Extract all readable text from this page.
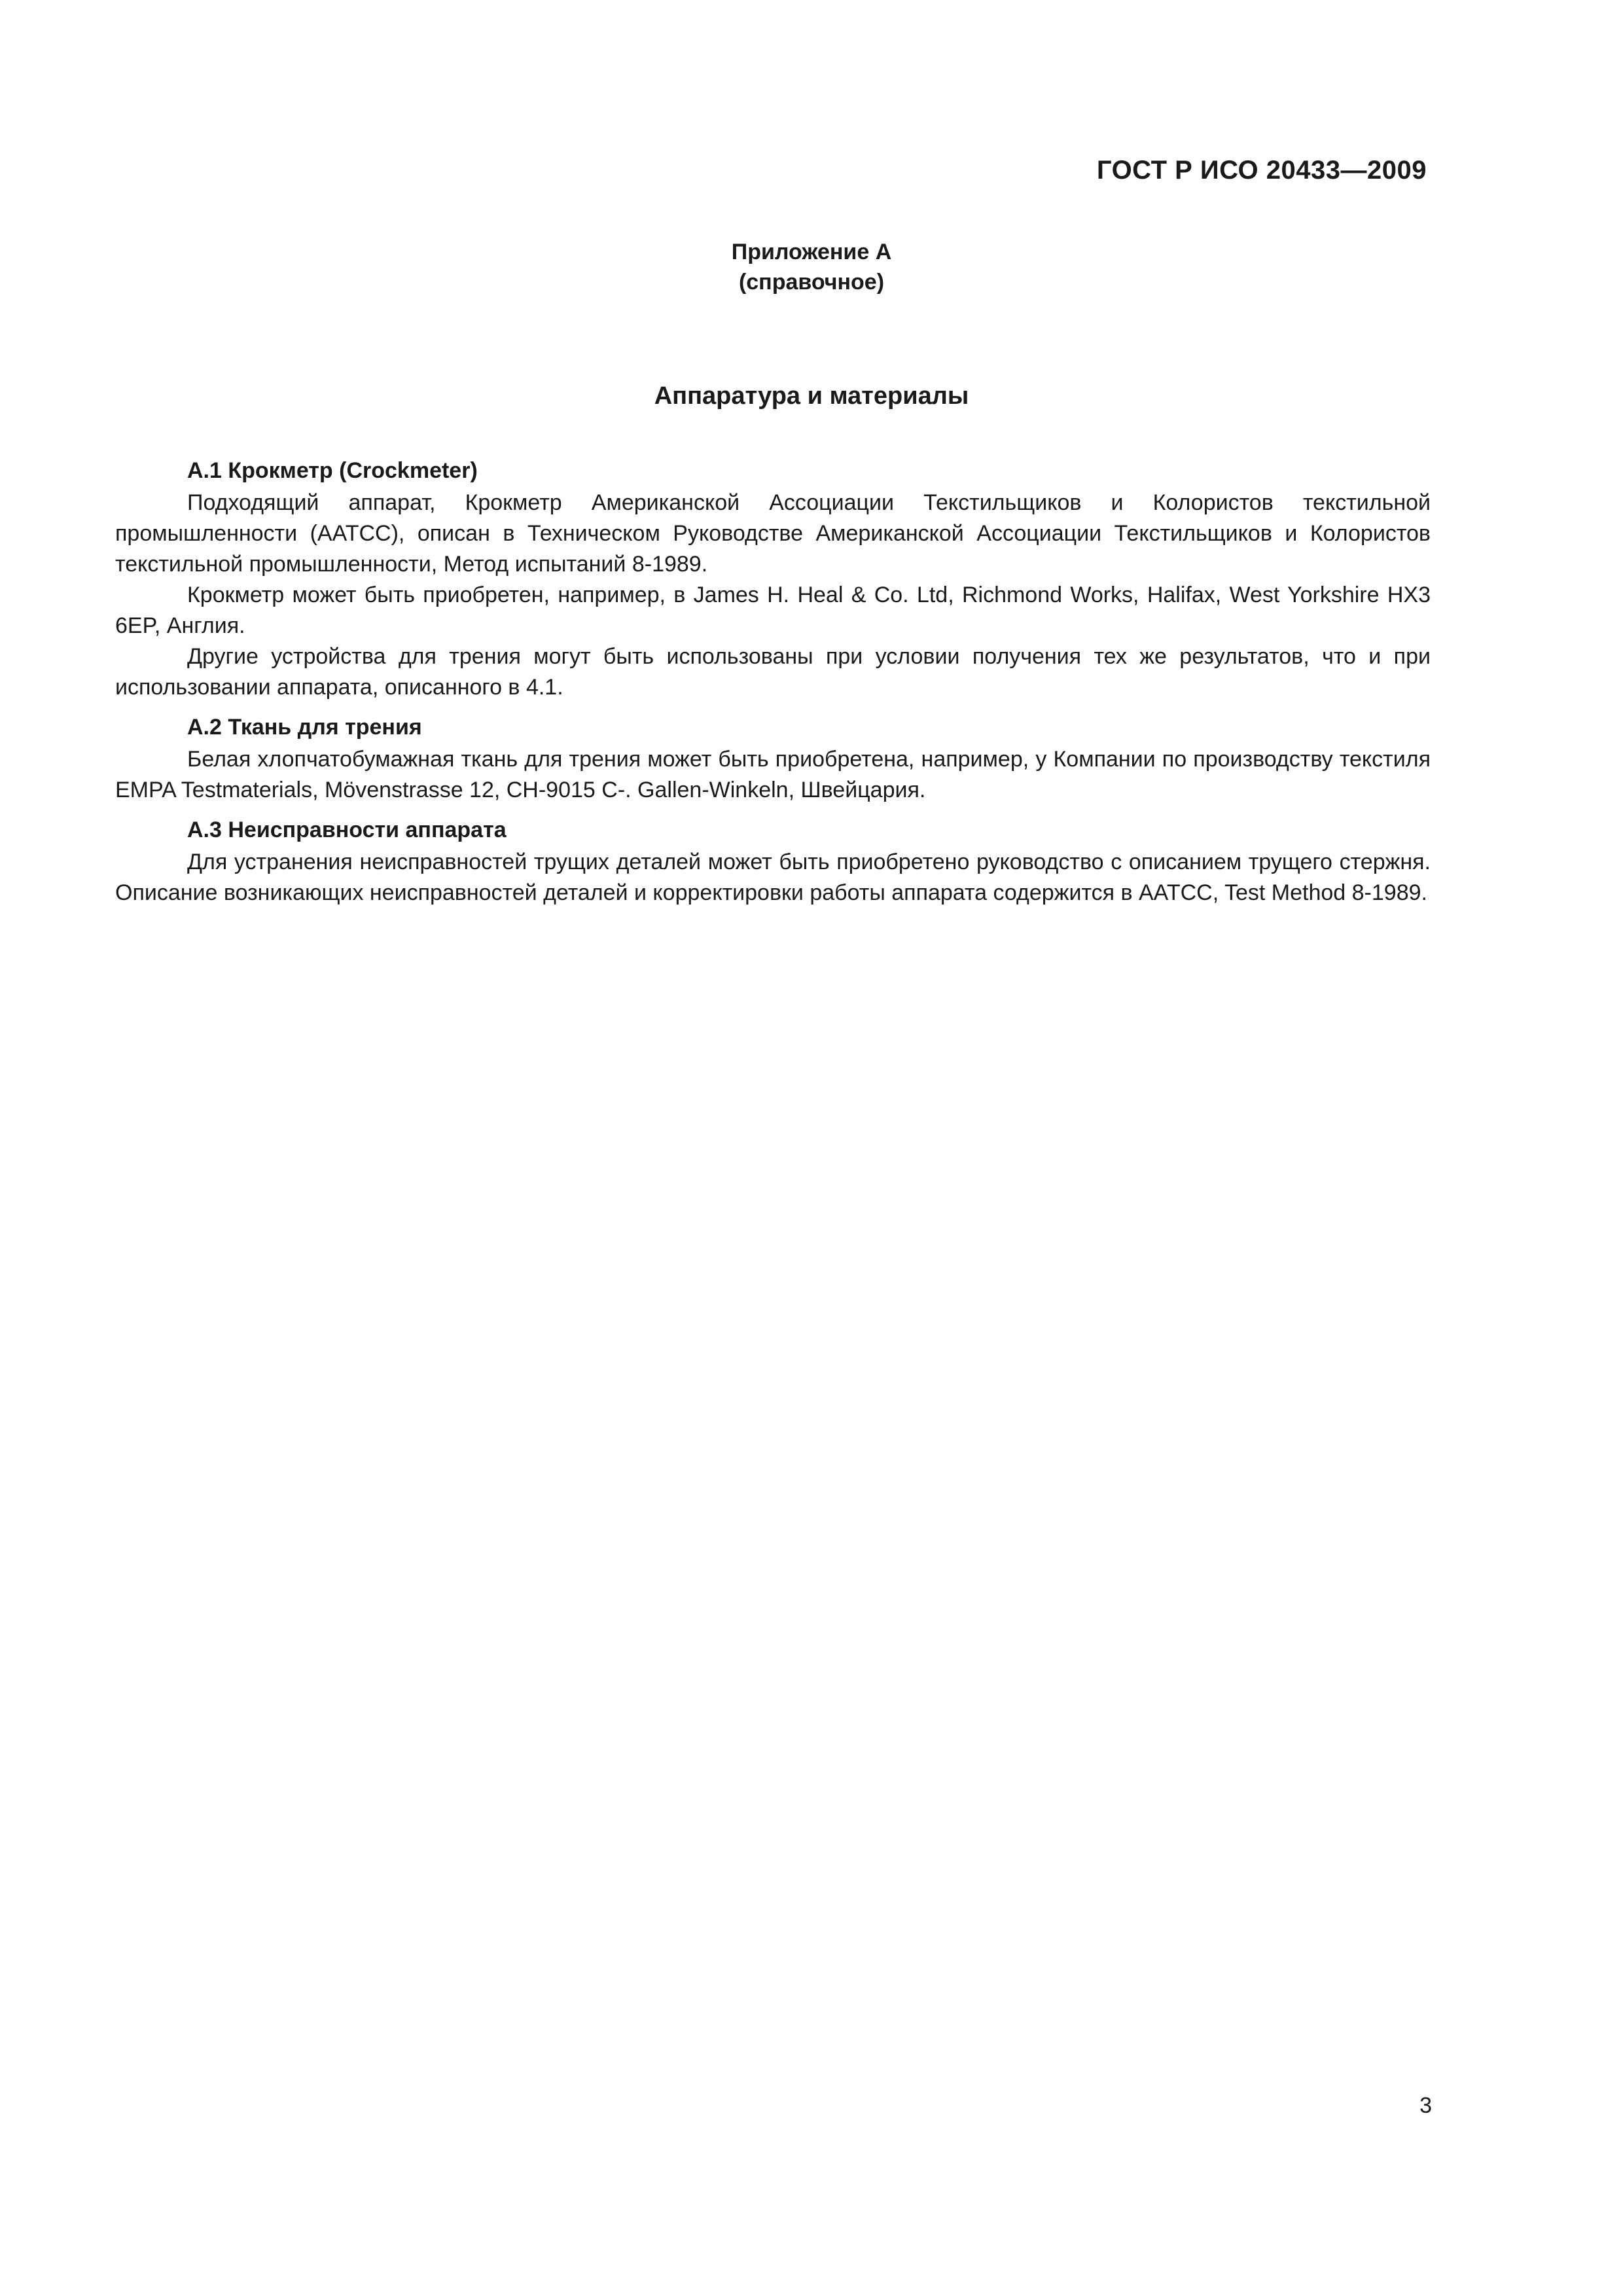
ГОСТ Р ИСО 20433—2009
Приложение А
(справочное)
Аппаратура и материалы

А.1 Крокметр (Crockmeter)

Подходящий аппарат, Крокметр Американской Ассоциации Текстильщиков и Колористов текстильной промышленности (AATCC), описан в Техническом Руководстве Американской Ассоциации Текстильщиков и Колористов текстильной промышленности, Метод испытаний 8-1989.

Крокметр может быть приобретен, например, в James H. Heal & Co. Ltd, Richmond Works, Halifax, West Yorkshire HX3 6EP, Англия.

Другие устройства для трения могут быть использованы при условии получения тех же результатов, что и при использовании аппарата, описанного в 4.1.

А.2 Ткань для трения

Белая хлопчатобумажная ткань для трения может быть приобретена, например, у Компании по производству текстиля EMPA Testmaterials, Mövenstrasse 12, CH-9015 C-. Gallen-Winkeln, Швейцария.

А.3 Неисправности аппарата

Для устранения неисправностей трущих деталей может быть приобретено руководство с описанием трущего стержня. Описание возникающих неисправностей деталей и корректировки работы аппарата содержится в AATCC, Test Method 8-1989.

3
